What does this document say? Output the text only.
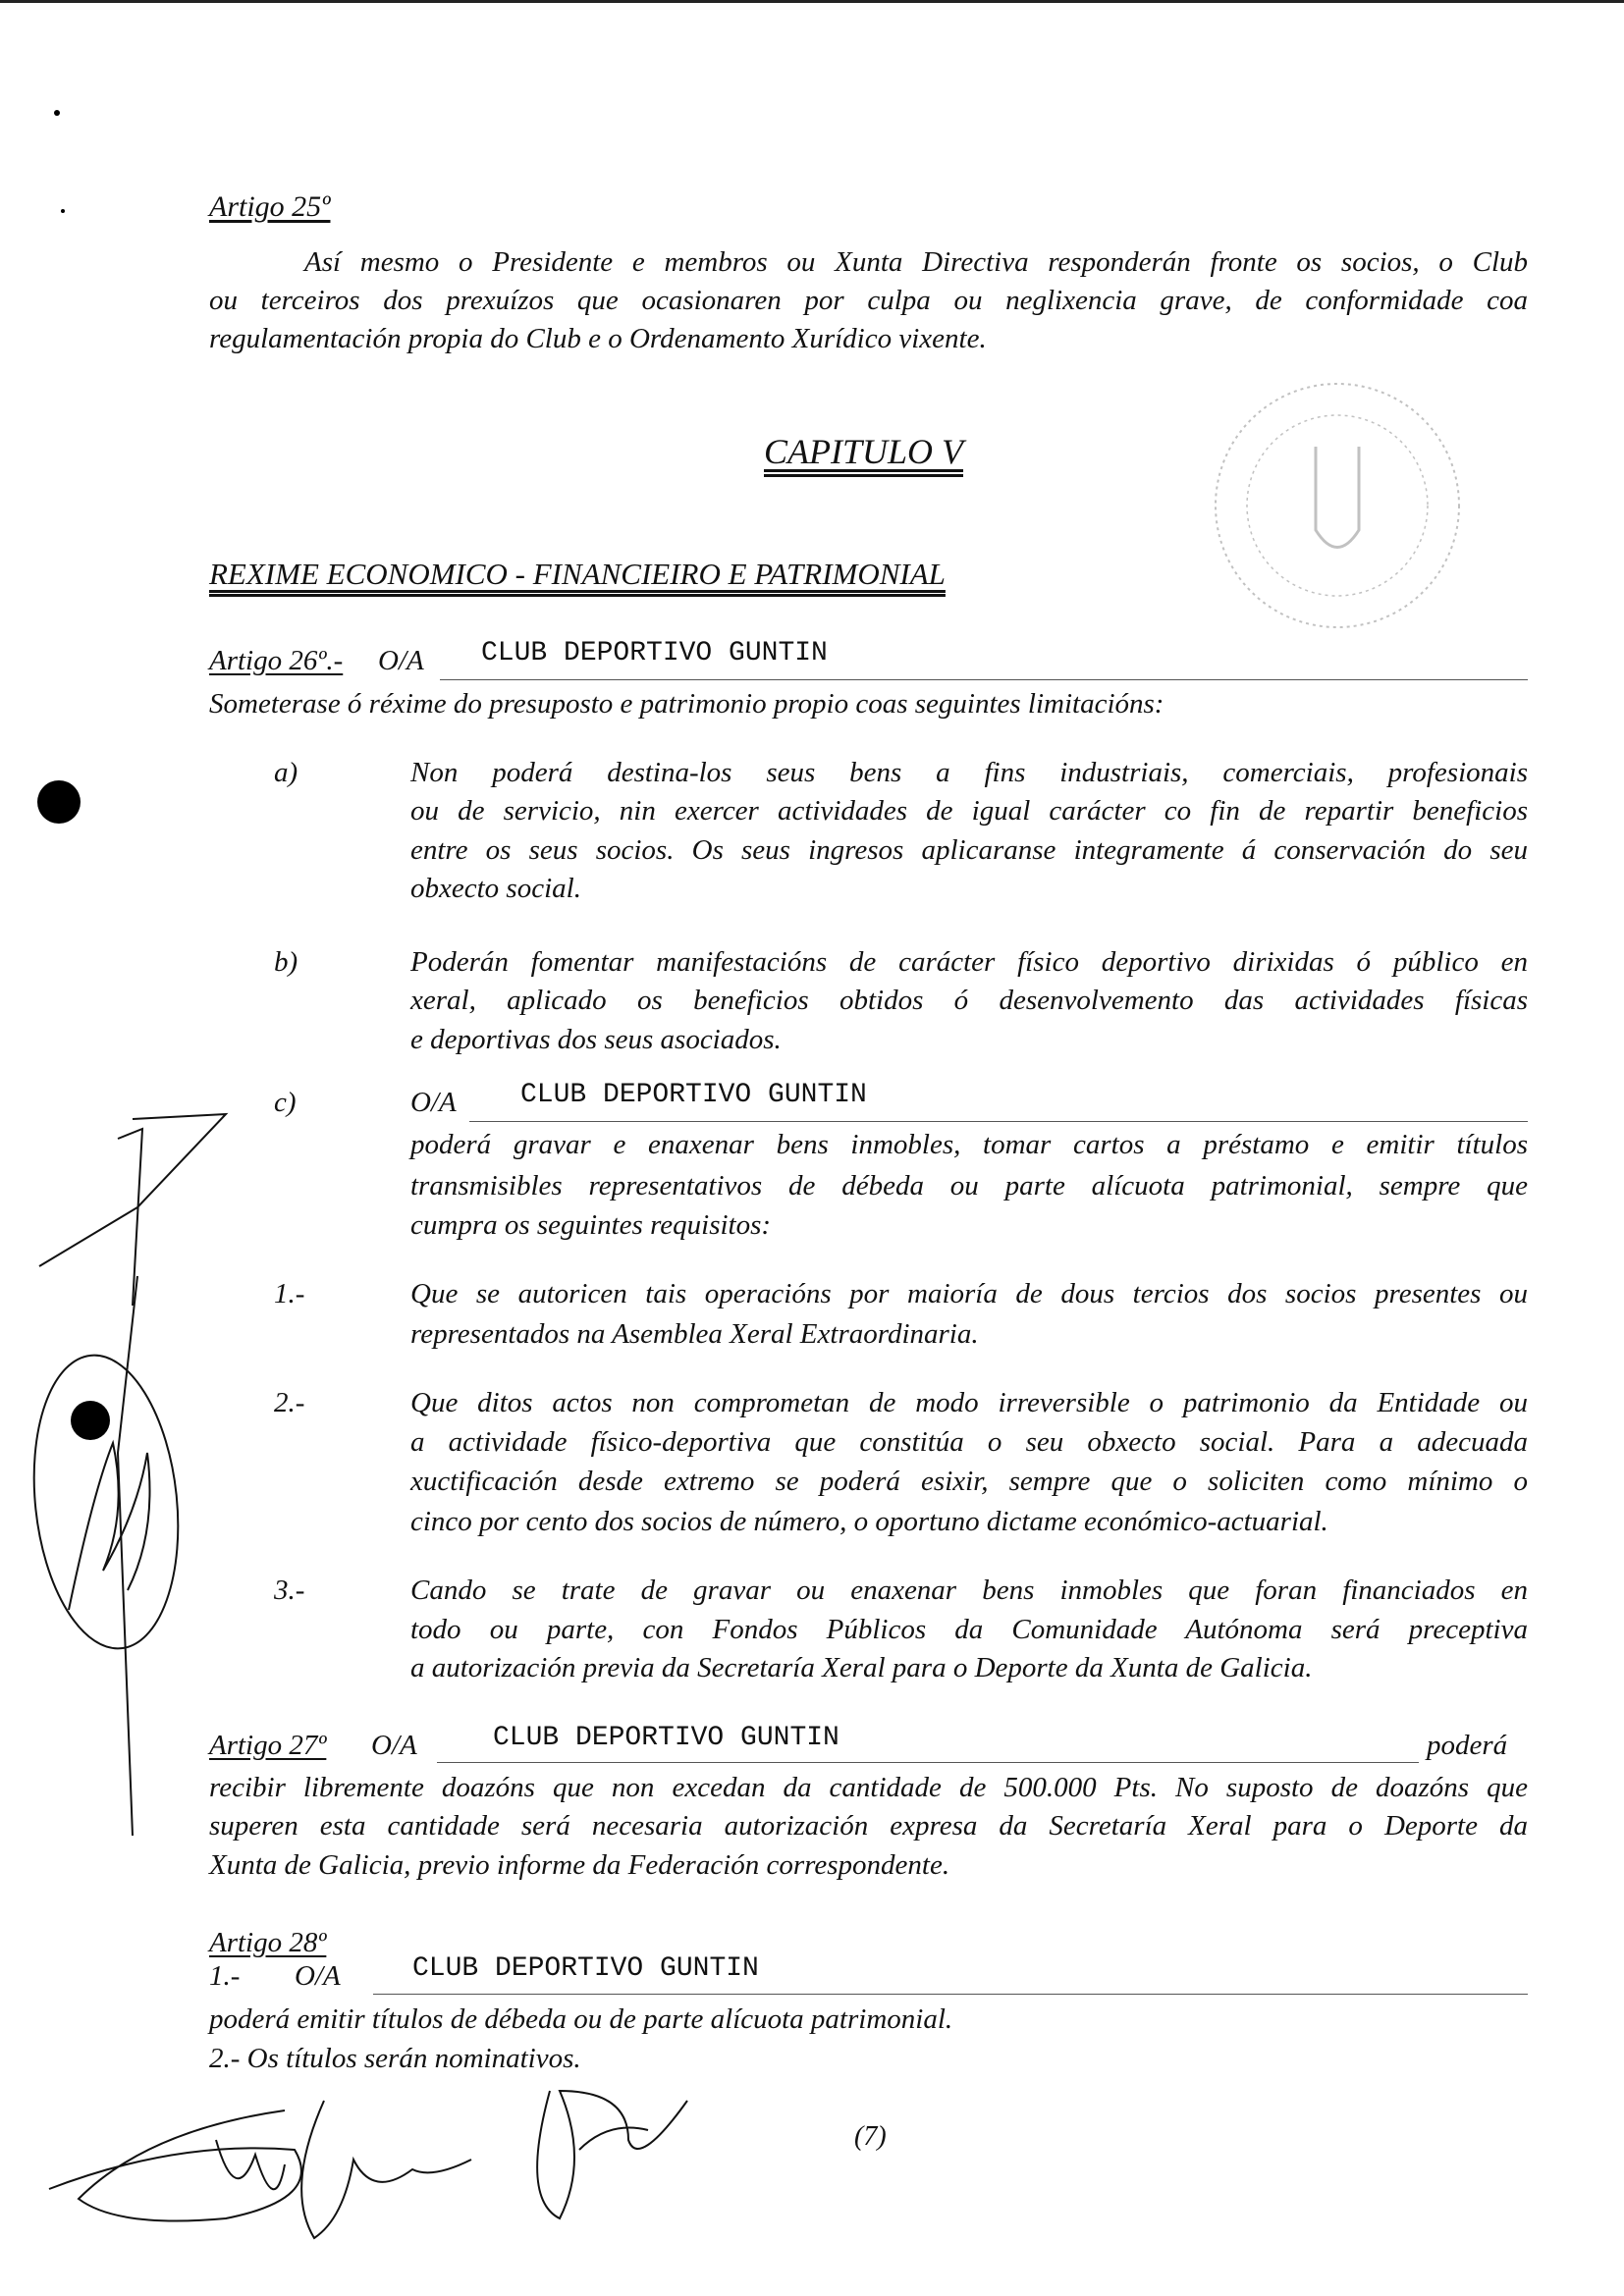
Artigo 25º
Así mesmo o Presidente e membros ou Xunta Directiva responderán fronte os socios, o Club
ou terceiros dos prexuízos que ocasionaren por culpa ou neglixencia grave, de conformidade coa
regulamentación propia do Club e o Ordenamento Xurídico vixente.
CAPITULO V
REXIME ECONOMICO - FINANCIEIRO E PATRIMONIAL
Artigo 26º.- O/A CLUB DEPORTIVO GUNTIN
Someterase ó réxime do presuposto e patrimonio propio coas seguintes limitacións:
a)	Non poderá destina-los seus bens a fins industriais, comerciais, profesionais
ou de servicio, nin exercer actividades de igual carácter co fin de repartir beneficios
entre os seus socios. Os seus ingresos aplicaranse integramente á conservación do seu
obxecto social.
b)	Poderán fomentar manifestacións de carácter físico deportivo dirixidas ó público en
xeral, aplicado os beneficios obtidos ó desenvolvemento das actividades físicas
e deportivas dos seus asociados.
c)	O/A CLUB DEPORTIVO GUNTIN
poderá gravar e enaxenar bens inmobles, tomar cartos a préstamo e emitir títulos
transmisibles representativos de débeda ou parte alícuota patrimonial, sempre que
cumpra os seguintes requisitos:
1.-	Que se autoricen tais operacións por maioría de dous tercios dos socios presentes ou
representados na Asemblea Xeral Extraordinaria.
2.-	Que ditos actos non comprometan de modo irreversible o patrimonio da Entidade ou
a actividade físico-deportiva que constitúa o seu obxecto social. Para a adecuada
xuctificación desde extremo se poderá esixir, sempre que o soliciten como mínimo o
cinco por cento dos socios de número, o oportuno dictame económico-actuarial.
3.-	Cando se trate de gravar ou enaxenar bens inmobles que foran financiados en
todo ou parte, con Fondos Públicos da Comunidade Autónoma será preceptiva
a autorización previa da Secretaría Xeral para o Deporte da Xunta de Galicia.
Artigo 27º O/A	CLUB DEPORTIVO GUNTIN	poderá
recibir libremente doazóns que non excedan da cantidade de 500.000 Pts. No suposto de doazóns que
superen esta cantidade será necesaria autorización expresa da Secretaría Xeral para o Deporte da
Xunta de Galicia, previo informe da Federación correspondente.
Artigo 28º
1.- O/A	CLUB DEPORTIVO GUNTIN
poderá emitir títulos de débeda ou de parte alícuota patrimonial.
2.- Os títulos serán nominativos.
(7)
